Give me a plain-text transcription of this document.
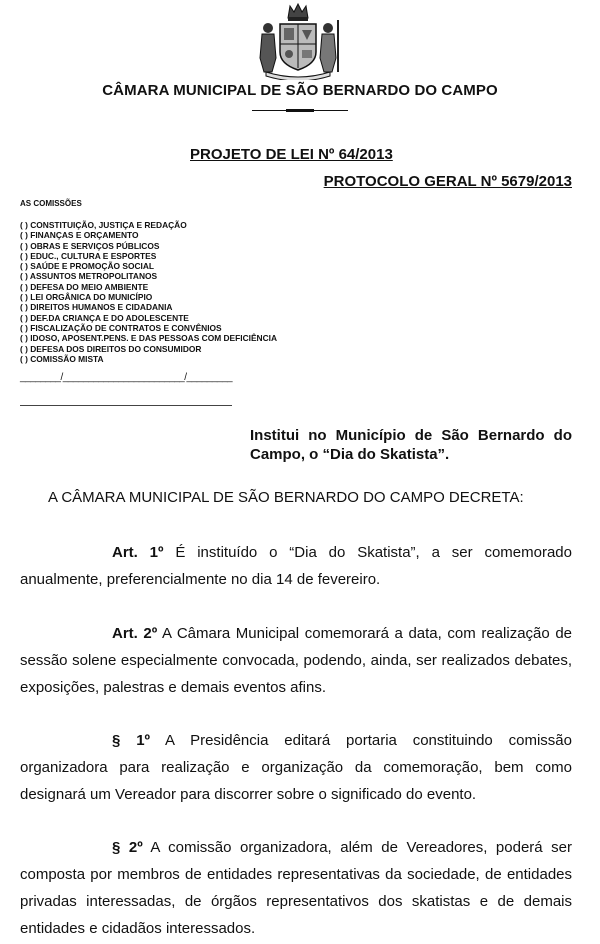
CÂMARA MUNICIPAL DE SÃO BERNARDO DO CAMPO
PROJETO DE LEI Nº 64/2013
PROTOCOLO GERAL Nº 5679/2013
AS COMISSÕES
( ) CONSTITUIÇÃO, JUSTIÇA E REDAÇÃO
( ) FINANÇAS E ORÇAMENTO
( ) OBRAS E SERVIÇOS PÚBLICOS
( ) EDUC., CULTURA E ESPORTES
( ) SAÚDE E PROMOÇÃO SOCIAL
( ) ASSUNTOS METROPOLITANOS
( ) DEFESA DO MEIO AMBIENTE
( ) LEI ORGÂNICA DO MUNICÍPIO
( ) DIREITOS HUMANOS E CIDADANIA
( ) DEF.DA CRIANÇA E DO ADOLESCENTE
( ) FISCALIZAÇÃO DE CONTRATOS E CONVÊNIOS
( ) IDOSO, APOSENT.PENS. E DAS PESSOAS COM DEFICIÊNCIA
( ) DEFESA DOS DIREITOS DO CONSUMIDOR
( ) COMISSÃO MISTA
________/________________________/_________
Institui no Município de São Bernardo do Campo, o “Dia do Skatista”.
A CÂMARA MUNICIPAL DE SÃO BERNARDO DO CAMPO DECRETA:

Art. 1º É instituído o “Dia do Skatista”, a ser comemorado anualmente, preferencialmente no dia 14 de fevereiro.

Art. 2º A Câmara Municipal comemorará a data, com realização de sessão solene especialmente convocada, podendo, ainda, ser realizados debates, exposições, palestras e demais eventos afins.

§ 1º A Presidência editará portaria constituindo comissão organizadora para realização e organização da comemoração, bem como designará um Vereador para discorrer sobre o significado do evento.

§ 2º A comissão organizadora, além de Vereadores, poderá ser composta por membros de entidades representativas da sociedade, de entidades privadas interessadas, de órgãos representativos dos skatistas e de demais entidades e cidadãos interessados.
